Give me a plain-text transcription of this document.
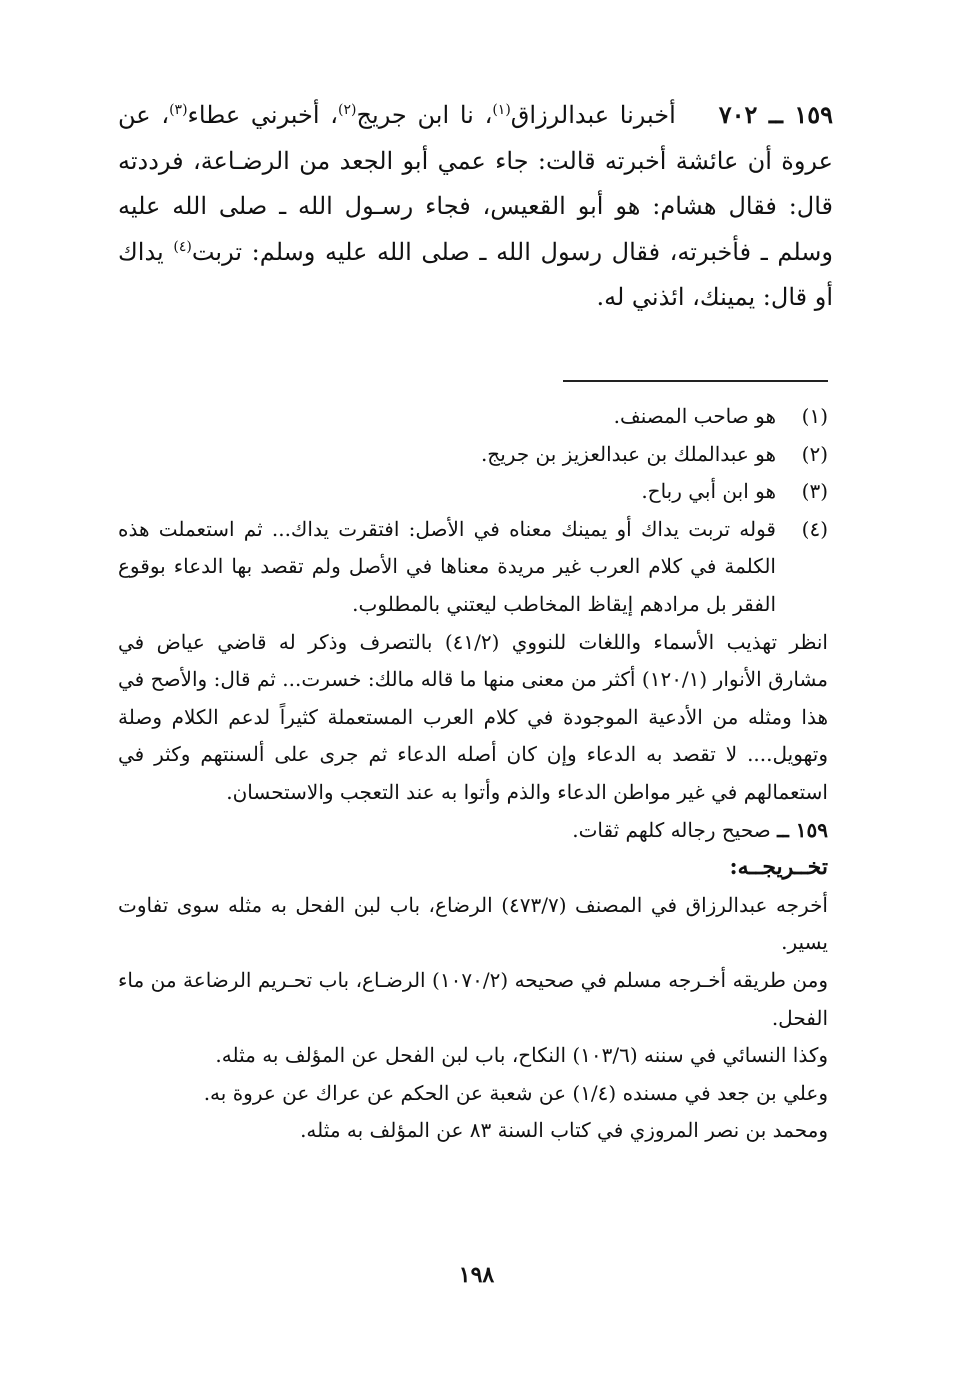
١٥٩ ــ ٧٠٢    أخبرنا عبدالرزاق$^{(١)}$، نا ابن جريج$^{(٢)}$، أخبرني عطاء$^{(٣)}$، عن عروة أن عائشة أخبرته قالت: جاء عمي أبو الجعد من الرضـاعة، فرددته قال: فقال هشام: هو أبو القعيس، فجاء رسـول الله ـ صلى الله عليه وسلم ـ فأخبرته، فقال رسول الله ـ صلى الله عليه وسلم: تربت$^{(٤)}$ يداك أو قال: يمينك، ائذني له.
(١)
هو صاحب المصنف.
(٢)
هو عبدالملك بن عبدالعزيز بن جريج.
(٣)
هو ابن أبي رباح.
(٤)
قوله تربت يداك أو يمينك معناه في الأصل: افتقرت يداك... ثم استعملت هذه الكلمة في كلام العرب غير مريدة معناها في الأصل ولم تقصد بها الدعاء بوقوع الفقر بل مرادهم إيقاظ المخاطب ليعتني بالمطلوب.
انظر تهذيب الأسماء واللغات للنووي (٤١/٢) بالتصرف وذكر له قاضي عياض في مشارق الأنوار (١٢٠/١) أكثر من معنى منها ما قاله مالك: خسرت... ثم قال: والأصح في هذا ومثله من الأدعية الموجودة في كلام العرب المستعملة كثيراً لدعم الكلام وصلة وتهويل.... لا تقصد به الدعاء وإن كان أصله الدعاء ثم جرى على ألسنتهم وكثر في استعمالهم في غير مواطن الدعاء والذم وأتوا به عند التعجب والاستحسان.
١٥٩ ــ صحيح رجاله كلهم ثقات.
تخــريجــه:
أخرجه عبدالرزاق في المصنف (٤٧٣/٧) الرضاع، باب لبن الفحل به مثله سوى تفاوت يسير.
ومن طريقه أخـرجه مسلم في صحيحه (١٠٧٠/٢) الرضـاع، باب تحـريم الرضاعة من ماء الفحل.
وكذا النسائي في سننه (١٠٣/٦) النكاح، باب لبن الفحل عن المؤلف به مثله.
وعلي بن جعد في مسنده (١/٤) عن شعبة عن الحكم عن عراك عن عروة به.
ومحمد بن نصر المروزي في كتاب السنة ٨٣ عن المؤلف به مثله.
١٩٨
